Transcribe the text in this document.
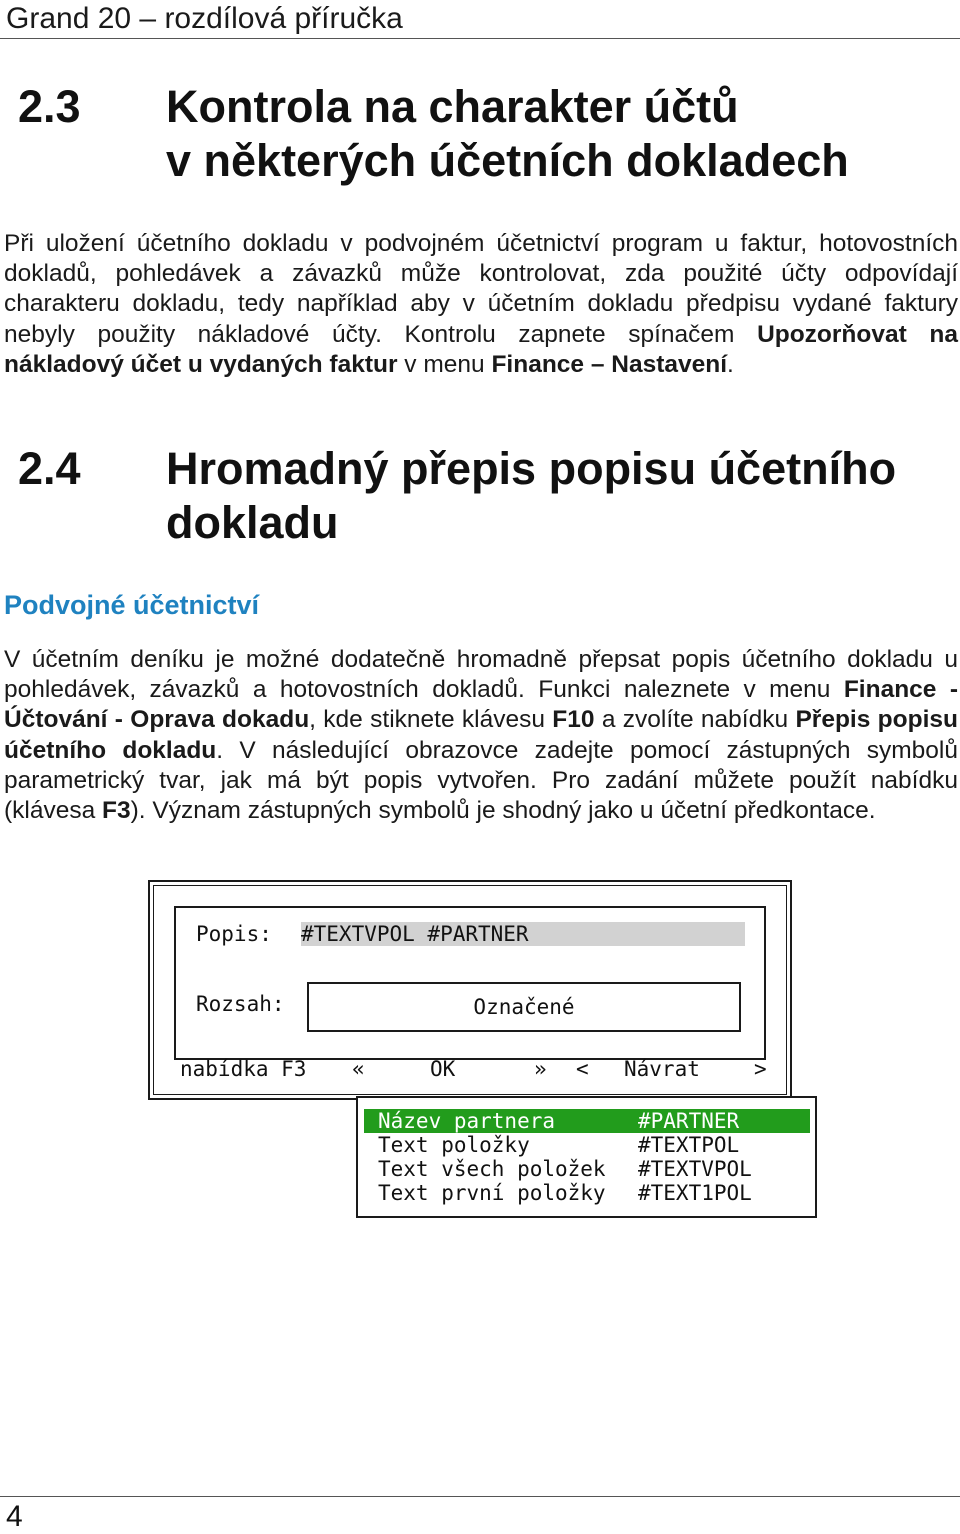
Grand 20 – rozdílová příručka
2.3 Kontrola na charakter účtů
v některých účetních dokladech
Při uložení účetního dokladu v podvojném účetnictví program u faktur, hotovostních dokladů, pohledávek a závazků může kontrolovat, zda použité účty odpovídají charakteru dokladu, tedy například aby v účetním dokladu předpisu vydané faktury nebyly použity nákladové účty. Kontrolu zapnete spínačem Upozorňovat na nákladový účet u vydaných faktur v menu Finance – Nastavení.
2.4 Hromadný přepis popisu účetního
dokladu
Podvojné účetnictví
V účetním deníku je možné dodatečně hromadně přepsat popis účetního dokladu u pohledávek, závazků a hotovostních dokladů. Funkci naleznete v menu Finance - Účtování - Oprava dokadu, kde stiknete klávesu F10 a zvolíte nabídku Přepis popisu účetního dokladu. V následující obrazovce zadejte pomocí zástupných symbolů parametrický tvar, jak má být popis vytvořen. Pro zadání můžete použít nabídku (klávesa F3). Význam zástupných symbolů je shodný jako u účetní předkontace.
Popis: #TEXTVPOL #PARTNER
Rozsah:	Označené
nabídka F3 «	OK	» < Návrat	>
Název partnera	#PARTNER
Text položky	#TEXTPOL
Text všech položek #TEXTVPOL
Text první položky #TEXT1POL
4
